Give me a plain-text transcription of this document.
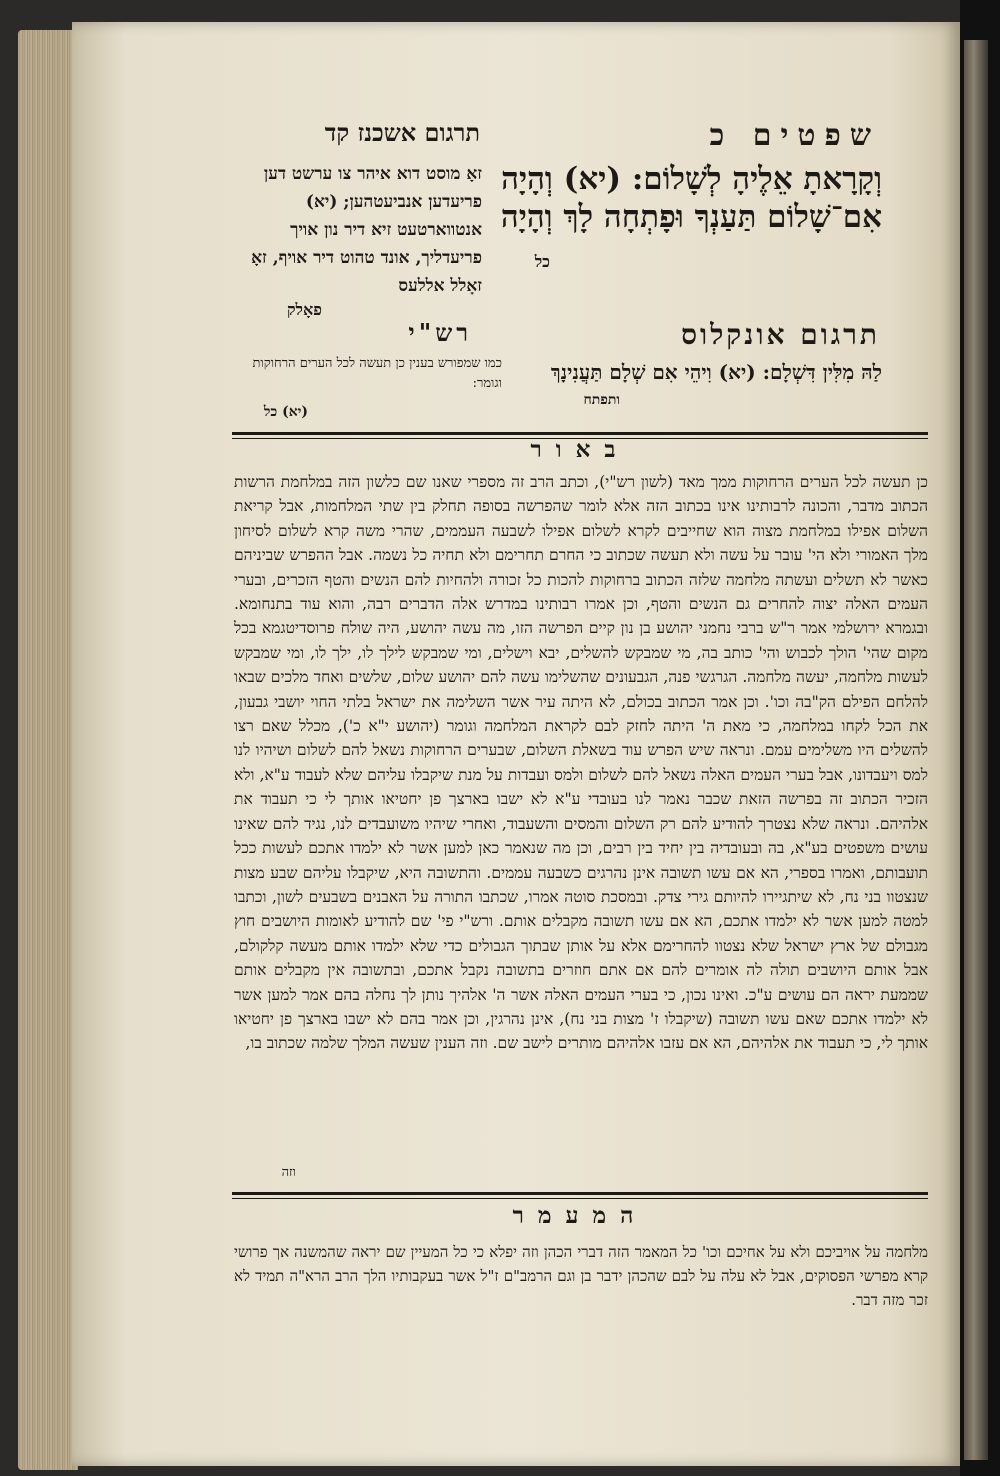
שפטים כ
תרגום אשכנז קד
וְקָרָאתָ אֵלֶיהָ לְשָׁלוֹם: (יא) וְהָיָה אִם־שָׁלוֹם תַּעַנְךָ וּפָתְחָה לָךְ וְהָיָה
כל
זאָ מוסט דוא איהר צו ערשט דען פריעדען אנביעטהען; (יא) אנטווארטעט זיא דיר נון אויך פריעדליך, אונד טהוט דיר אויף, זאָ זאָלל אללעס
פאָלק
תרגום אונקלוס
לַהּ מִלִּין דִּשְׁלָם: (יא) וִיהֵי אִם שְׁלָם תַּעֲנִינָךְ
ותפתח
רש"י
כמו שמפורש בענין כן תעשה לכל הערים הרחוקות וגומר:
(יא) כל
באור
כן תעשה לכל הערים הרחוקות ממך מאד (לשון רש"י), וכתב הרב זה מספרי שאנו שם כלשון הזה במלחמת הרשות הכתוב מדבר, והכונה לרבותינו אינו בכתוב הזה אלא לומר שהפרשה בסופה תחלק בין שתי המלחמות, אבל קריאת השלום אפילו במלחמת מצוה הוא שחייבים לקרא לשלום אפילו לשבעה העממים, שהרי משה קרא לשלום לסיחון מלך האמורי ולא הי' עובר על עשה ולא תעשה שכתוב כי החרם תחרימם ולא תחיה כל נשמה. אבל ההפרש שביניהם כאשר לא תשלים ועשתה מלחמה שלזה הכתוב ברחוקות להכות כל זכורה ולהחיות להם הנשים והטף הזכרים, ובערי העמים האלה יצוה להחרים גם הנשים והטף, וכן אמרו רבותינו במדרש אלה הדברים רבה, והוא עוד בתנחומא. ובגמרא ירושלמי אמר ר"ש ברבי נחמני יהושע בן נון קיים הפרשה הזו, מה עשה יהושע, היה שולח פרוסדיטגמא בכל מקום שהי' הולך לכבוש והי' כותב בה, מי שמבקש להשלים, יבא וישלים, ומי שמבקש לילך לו, ילך לו, ומי שמבקש לעשות מלחמה, יעשה מלחמה. הגרגשי פנה, הגבעונים שהשלימו עשה להם יהושע שלום, שלשים ואחד מלכים שבאו להלחם הפילם הק"בה וכו'. וכן אמר הכתוב בכולם, לא היתה עיר אשר השלימה את ישראל בלתי החוי יושבי גבעון, את הכל לקחו במלחמה, כי מאת ה' היתה לחזק לבם לקראת המלחמה וגומר (יהושע י"א כ'), מכלל שאם רצו להשלים היו משלימים עמם. ונראה שיש הפרש עוד בשאלת השלום, שבערים הרחוקות נשאל להם לשלום ושיהיו לנו למס ויעבדונו, אבל בערי העמים האלה נשאל להם לשלום ולמס ועבדות על מנת שיקבלו עליהם שלא לעבוד ע"א, ולא הזכיר הכתוב זה בפרשה הזאת שכבר נאמר לנו בעובדי ע"א לא ישבו בארצך פן יחטיאו אותך לי כי תעבוד את אלהיהם. ונראה שלא נצטרך להודיע להם רק השלום והמסים והשעבוד, ואחרי שיהיו משועבדים לנו, נגיד להם שאינו עושים משפטים בע"א, בה ובעובדיה בין יחיד בין רבים, וכן מה שנאמר כאן למען אשר לא ילמדו אתכם לעשות ככל תועבותם, ואמרו בספרי, הא אם עשו תשובה אינן נהרגים כשבעה עממים. והתשובה היא, שיקבלו עליהם שבע מצות שנצטוו בני נח, לא שיתגיירו להיותם גירי צדק. ובמסכת סוטה אמרו, שכתבו התורה על האבנים בשבעים לשון, וכתבו למטה למען אשר לא ילמדו אתכם, הא אם עשו תשובה מקבלים אותם. ורש"י פי' שם להודיע לאומות היושבים חוץ מגבולם של ארץ ישראל שלא נצטוו להחרימם אלא על אותן שבתוך הגבולים כדי שלא ילמדו אותם מעשה קלקולם, אבל אותם היושבים תולה לה אומרים להם אם אתם חוזרים בתשובה נקבל אתכם, ובתשובה אין מקבלים אותם שממעת יראה הם עושים ע"כ. ואינו נכון, כי בערי העמים האלה אשר ה' אלהיך נותן לך נחלה בהם אמר למען אשר לא ילמדו אתכם שאם עשו תשובה (שיקבלו ז' מצות בני נח), אינן נהרגין, וכן אמר בהם לא ישבו בארצך פן יחטיאו אותך לי, כי תעבוד את אלהיהם, הא אם עזבו אלהיהם מותרים לישב שם. וזה הענין שעשה המלך שלמה שכתוב בו,
וזה
המעמר
מלחמה על אויביכם ולא על אחיכם וכו' כל המאמר הזה דברי הכהן וזה יפלא כי כל המעיין שם יראה שהמשנה אך פרושי קרא מפרשי הפסוקים, אבל לא עלה על לבם שהכהן ידבר בן וגם הרמב"ם ז"ל אשר בעקבותיו הלך הרב הרא"ה תמיד לא זכר מזה דבר.
